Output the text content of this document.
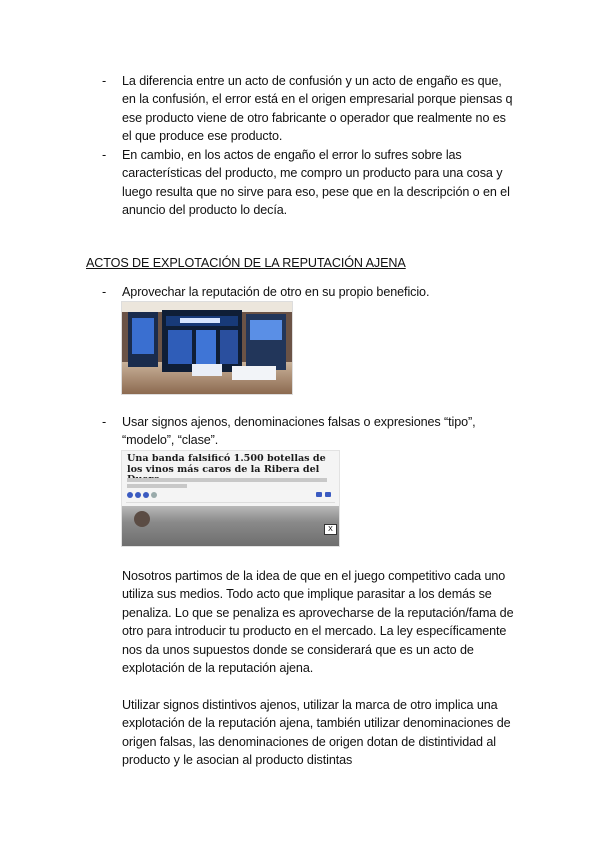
- La diferencia entre un acto de confusión y un acto de engaño es que, en la confusión, el error está en el origen empresarial porque piensas q ese producto viene de otro fabricante o operador que realmente no es el que produce ese producto.
- En cambio, en los actos de engaño el error lo sufres sobre las características del producto, me compro un producto para una cosa y luego resulta que no sirve para eso, pese que en la descripción o en el anuncio del producto lo decía.
ACTOS DE EXPLOTACIÓN DE LA REPUTACIÓN AJENA
- Aprovechar la reputación de otro en su propio beneficio.
- Usar signos ajenos, denominaciones falsas o expresiones “tipo”, “modelo”, “clase”.
Una banda falsificó 1.500 botellas de los vinos más caros de la Ribera del
X
Nosotros partimos de la idea de que en el juego competitivo cada uno utiliza sus medios. Todo acto que implique parasitar a los demás se penaliza. Lo que se penaliza es aprovecharse de la reputación/fama de otro para introducir tu producto en el mercado. La ley específicamente nos da unos supuestos donde se considerará que es un acto de explotación de la reputación ajena.
Utilizar signos distintivos ajenos, utilizar la marca de otro implica una explotación de la reputación ajena, también utilizar denominaciones de origen falsas, las denominaciones de origen dotan de distintividad al producto y le asocian al producto distintas
